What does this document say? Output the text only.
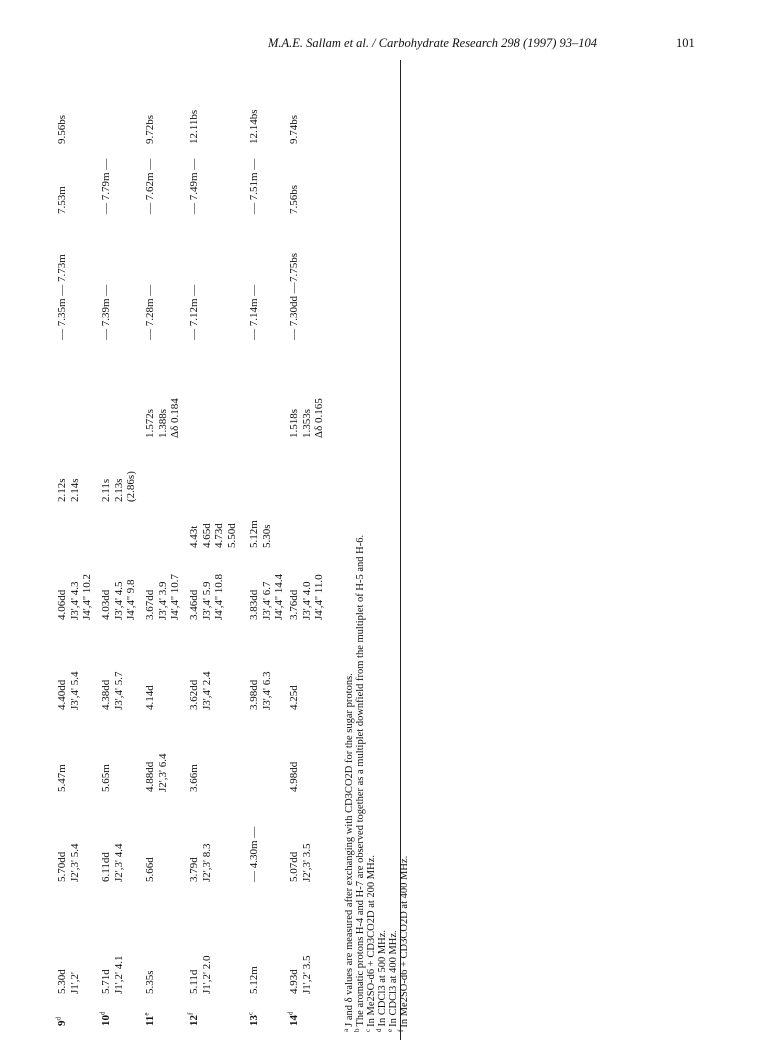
M.A.E. Sallam et al. / Carbohydrate Research 298 (1997) 93–104	101
9$^d$
5.30d J1',2'
5.70dd J2',3' 5.4
5.47m
4.40dd J3',4' 5.4
4.06dd J3',4' 4.3 J4',4'' 10.2
2.12s 2.14s
— 7.35m —
7.73m
7.53m
9.56bs
10$^d$
5.71d J1',2' 4.1
6.11dd J2',3' 4.4
5.65m
4.38dd J3',4' 5.7
4.03dd J3',4' 4.5 J4',4'' 9.8
2.11s 2.13s (2.86s)
— 7.39m —
— 7.79m —
11e
5.35s
5.66d
4.88dd J2',3' 6.4
4.14d
3.67dd J3',4' 3.9 J4',4'' 10.7
1.572s 1.388s Δδ 0.184
— 7.28m —
— 7.62m —
9.72bs
12$^f$
5.11d J1',2' 2.0
3.79d J2',3' 8.3
3.66m
3.62dd J3',4' 2.4
3.46dd J3',4' 5.9 J4',4'' 10.8
4.43t 4.65d 4.73d 5.50d
— 7.12m —
— 7.49m —
12.11bs
13$^c$
5.12m
— 4.30m —
3.98dd J3',4' 6.3
3.83dd J3',4' 6.7 J4',4'' 14.4
5.12m 5.30s
— 7.14m —
— 7.51m —
12.14bs
14$^d$
4.93d J1',2' 3.5
5.07dd J2',3' 3.5
4.98dd
4.25d
3.76dd J3',4' 4.0 J4',4'' 11.0
1.518s 1.353s Δδ 0.165
— 7.30dd —
7.75bs
7.56bs
9.74bs
$^a$J and δ values are measured after exchanging with CD3CO2D for the sugar protons.
$^b$The aromatic protons H-4 and H-7 are observed together as a multiplet downfield from the multiplet of H-5 and H-6.
$^c$In Me2SO-d6 + CD3CO2D at 200 MHz.
$^d$In CDCl3 at 500 MHz.
$^e$In CDCl3 at 400 MHz.
$^f$In Me2SO-d6 + CD3CO2D at 400 MHz.
